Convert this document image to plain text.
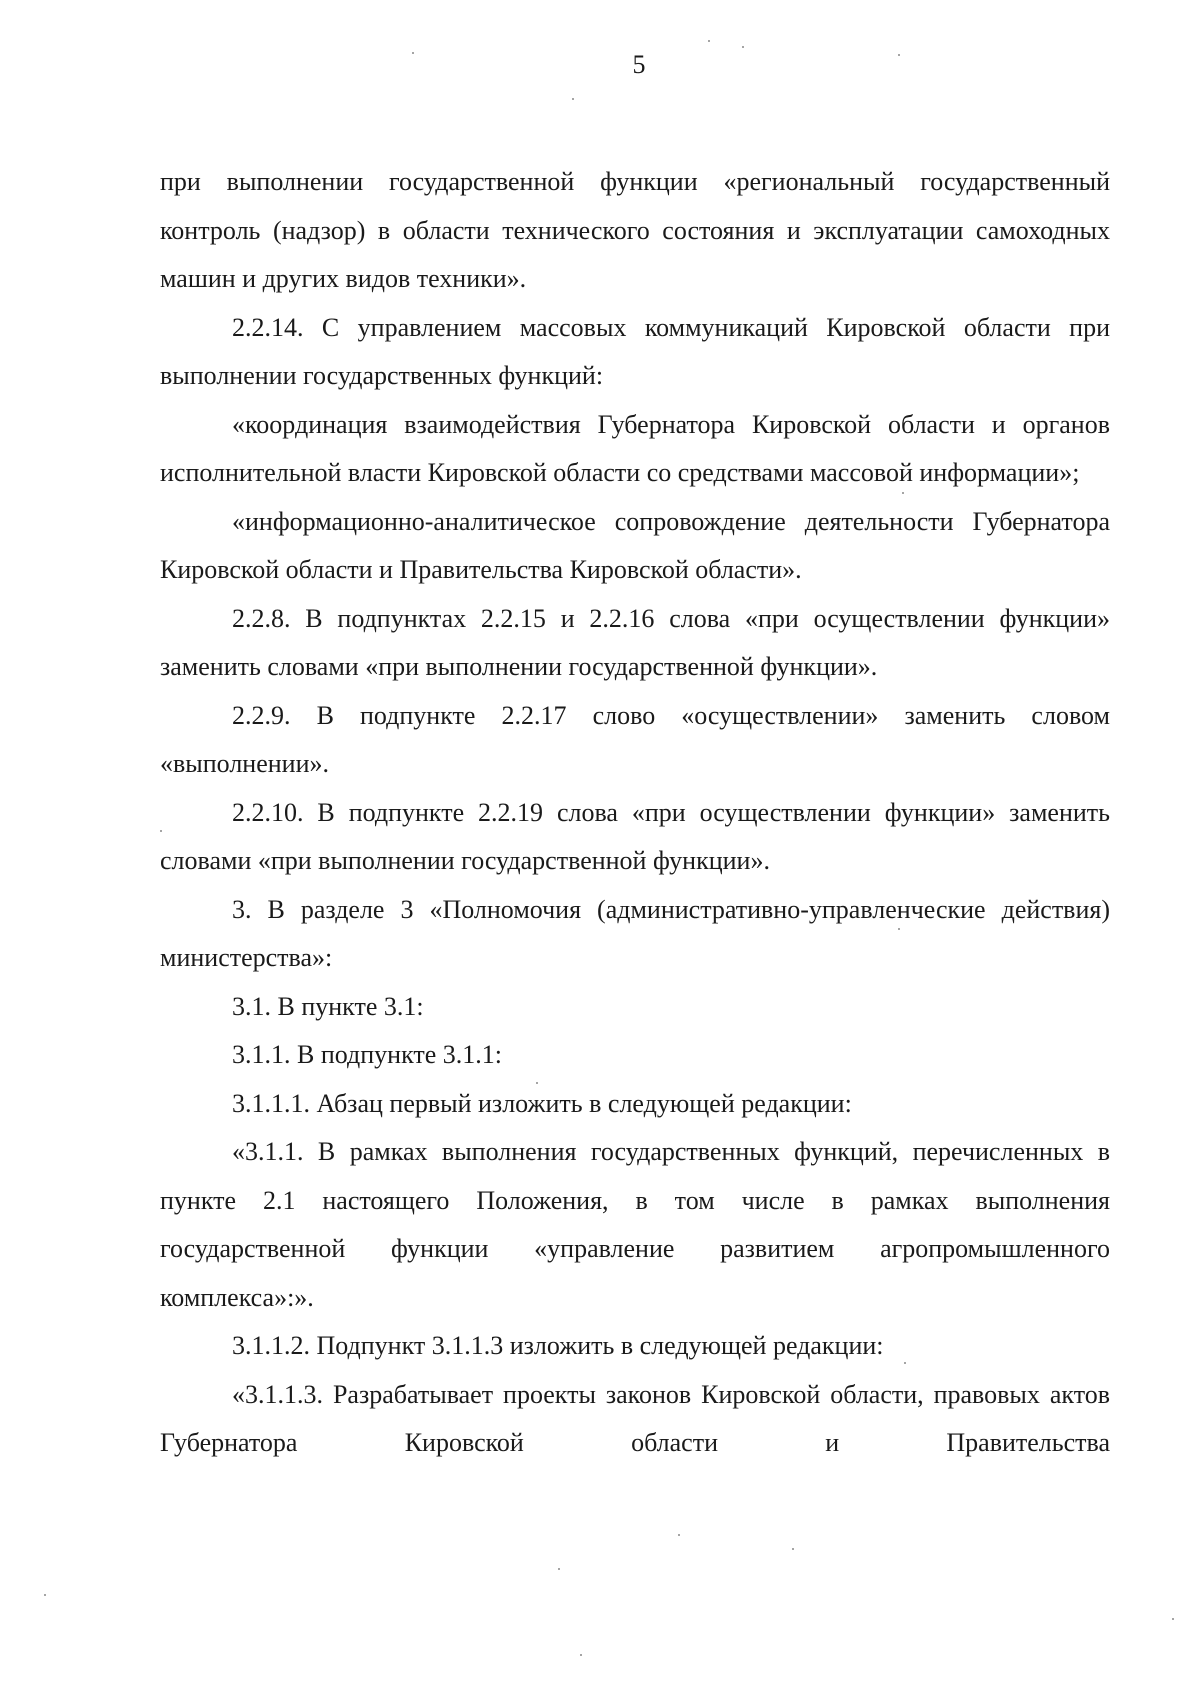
5

при выполнении государственной функции «региональный государственный контроль (надзор) в области технического состояния и эксплуатации самоходных машин и других видов техники».

2.2.14. С управлением массовых коммуникаций Кировской области при выполнении государственных функций:

«координация взаимодействия Губернатора Кировской области и органов исполнительной власти Кировской области со средствами массовой информации»;

«информационно-аналитическое сопровождение деятельности Губернатора Кировской области и Правительства Кировской области».

2.2.8. В подпунктах 2.2.15 и 2.2.16 слова «при осуществлении функции» заменить словами «при выполнении государственной функции».

2.2.9. В подпункте 2.2.17 слово «осуществлении» заменить словом «выполнении».

2.2.10. В подпункте 2.2.19 слова «при осуществлении функции» заменить словами «при выполнении государственной функции».

3. В разделе 3 «Полномочия (административно-управленческие действия) министерства»:

3.1. В пункте 3.1:

3.1.1. В подпункте 3.1.1:

3.1.1.1. Абзац первый изложить в следующей редакции:

«3.1.1. В рамках выполнения государственных функций, перечисленных в пункте 2.1 настоящего Положения, в том числе в рамках выполнения государственной функции «управление развитием агропромышленного комплекса»:».

3.1.1.2. Подпункт 3.1.1.3 изложить в следующей редакции:

«3.1.1.3. Разрабатывает проекты законов Кировской области, правовых актов Губернатора Кировской области и Правительства
